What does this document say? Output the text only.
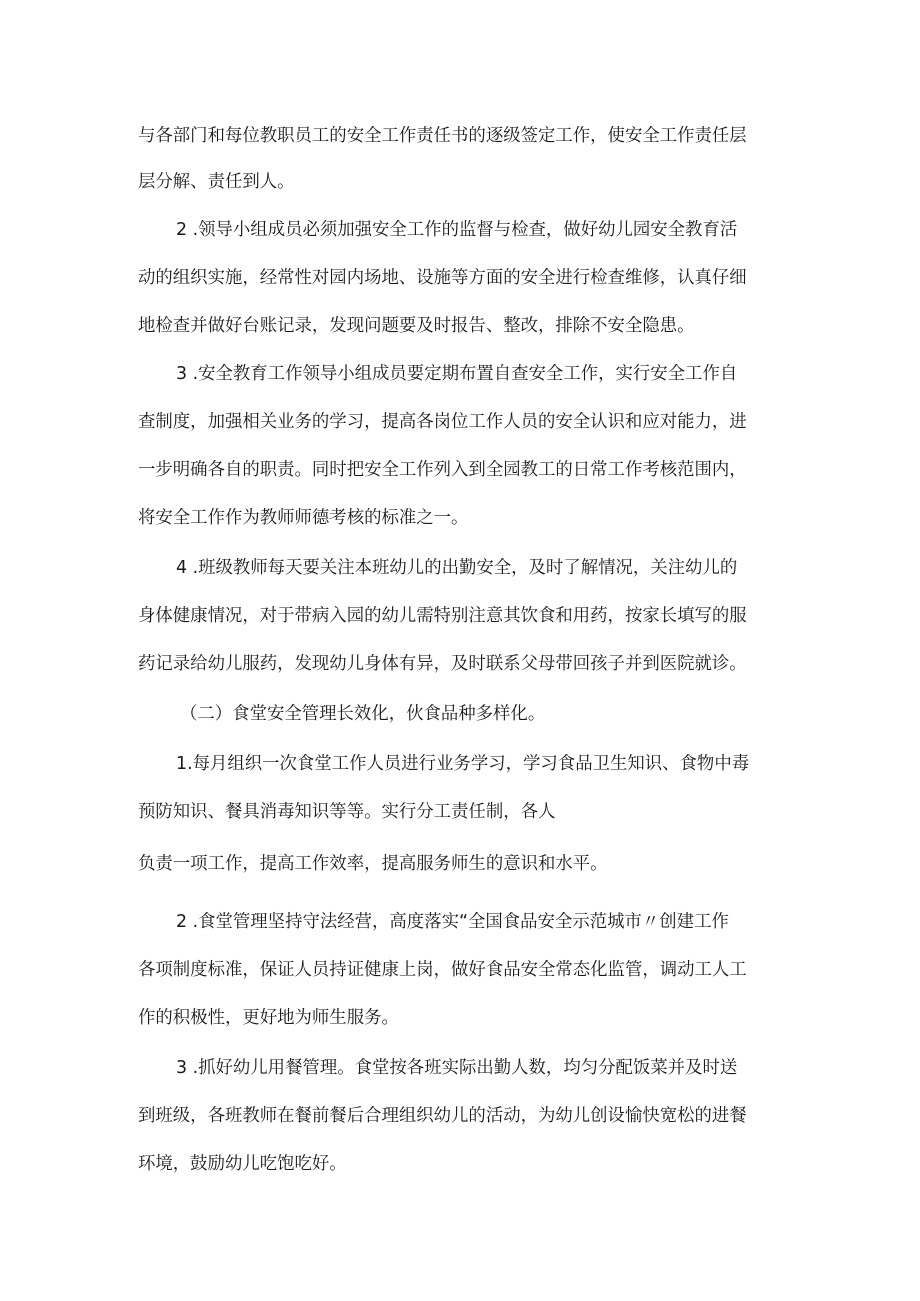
与各部门和每位教职员工的安全工作责任书的逐级签定工作，使安全工作责任层
层分解、责任到人。
2 .领导小组成员必须加强安全工作的监督与检查，做好幼儿园安全教育活
动的组织实施，经常性对园内场地、设施等方面的安全进行检查维修，认真仔细
地检查并做好台账记录，发现问题要及时报告、整改，排除不安全隐患。
3 .安全教育工作领导小组成员要定期布置自查安全工作，实行安全工作自
查制度，加强相关业务的学习，提高各岗位工作人员的安全认识和应对能力，进
一步明确各自的职责。同时把安全工作列入到全园教工的日常工作考核范围内，
将安全工作作为教师师德考核的标准之一。
4 .班级教师每天要关注本班幼儿的出勤安全，及时了解情况，关注幼儿的
身体健康情况，对于带病入园的幼儿需特别注意其饮食和用药，按家长填写的服
药记录给幼儿服药，发现幼儿身体有异，及时联系父母带回孩子并到医院就诊。
（二）食堂安全管理长效化，伙食品种多样化。
1.每月组织一次食堂工作人员进行业务学习，学习食品卫生知识、食物中毒
预防知识、餐具消毒知识等等。实行分工责任制，各人
负责一项工作，提高工作效率，提高服务师生的意识和水平。
2 .食堂管理坚持守法经营，高度落实“全国食品安全示范城市〃创建工作
各项制度标准，保证人员持证健康上岗，做好食品安全常态化监管，调动工人工
作的积极性，更好地为师生服务。
3 .抓好幼儿用餐管理。食堂按各班实际出勤人数，均匀分配饭菜并及时送
到班级，各班教师在餐前餐后合理组织幼儿的活动，为幼儿创设愉快宽松的进餐
环境，鼓励幼儿吃饱吃好。
